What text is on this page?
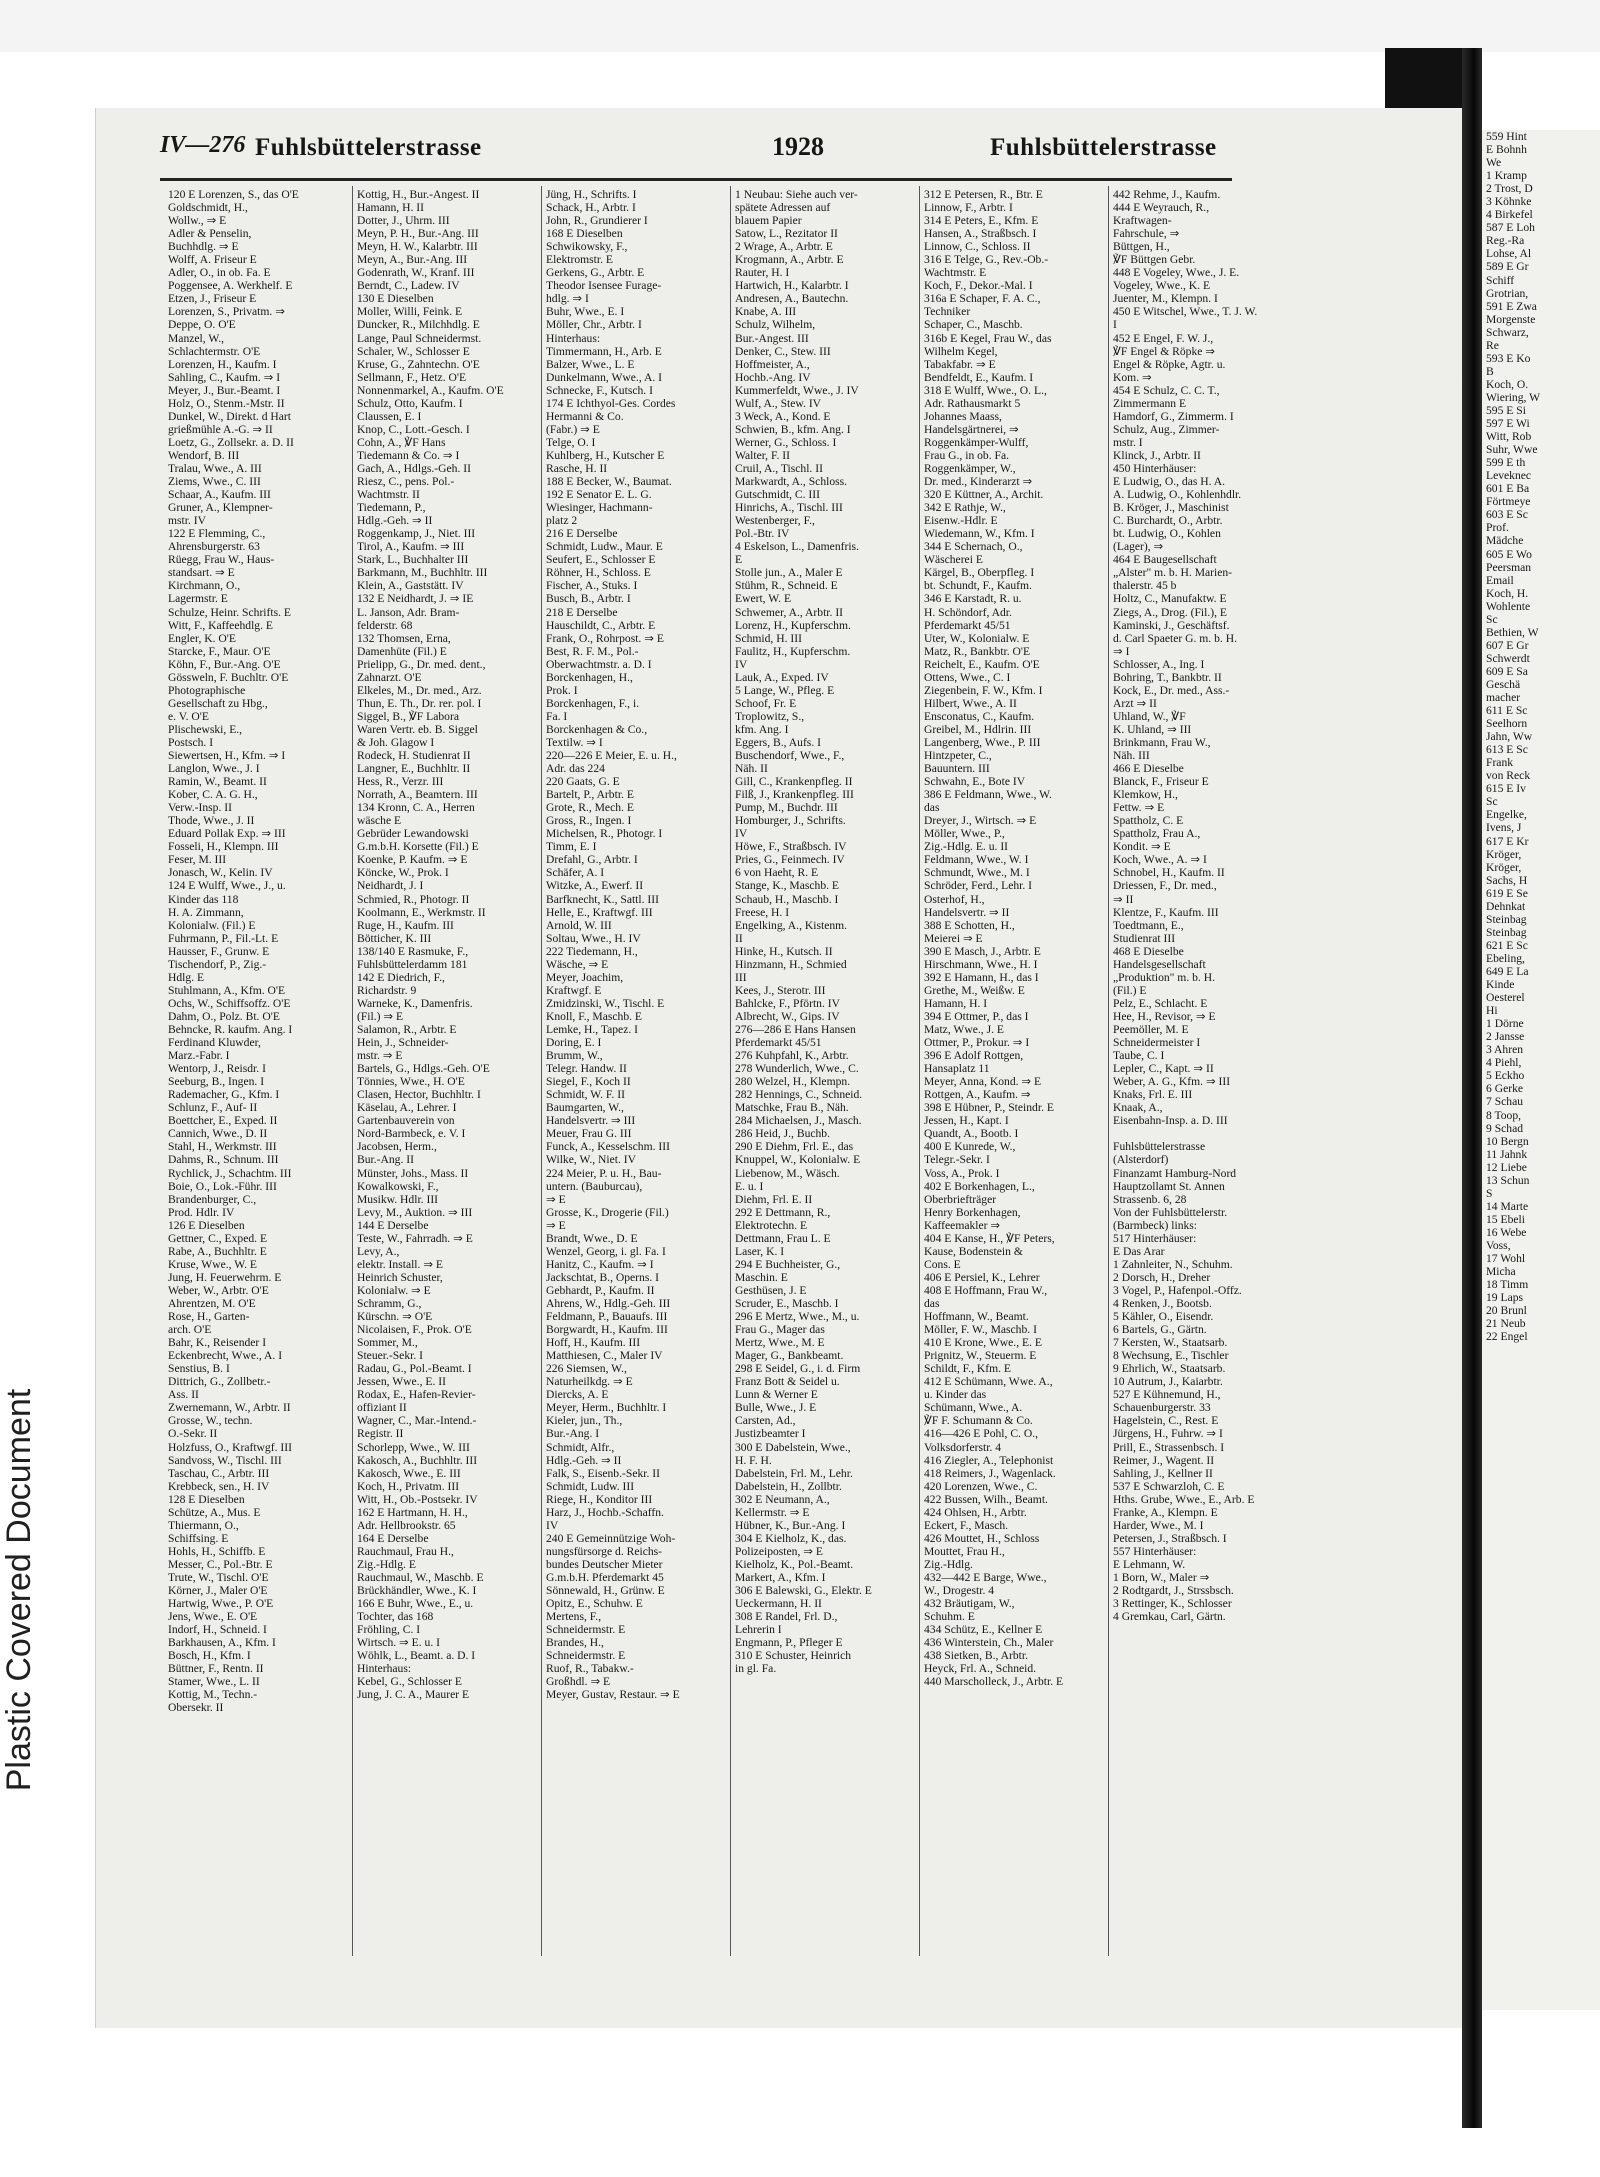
Plastic Covered Document
559 Hint
E Bohnh
We
1 Kramp
2 Trost, D
3 Köhnke
4 Birkefel
587 E Loh
Reg.-Ra
Lohse, Al
589 E Gr
Schiff
Grotrian,
591 E Zwa
Morgenste
Schwarz,
Re
593 E Ko
B
Koch, O.
Wiering, W
595 E Si
597 E Wi
Witt, Rob
Suhr, Wwe
599 E th
Leveknec
601 E Ba
Förtmeye
603 E Sc
Prof.
Mädche
605 E Wo
Peersman
Email
Koch, H.
Wohlente
Sc
Bethien, W
607 E Gr
Schwerdt
609 E Sa
Geschä
macher
611 E Sc
Seelhorn
Jahn, Ww
613 E Sc
Frank
von Reck
615 E Iv
Sc
Engelke,
Ivens, J
617 E Kr
Kröger,
Kröger,
Sachs, H
619 E Se
Dehnkat
Steinbag
Steinbag
621 E Sc
Ebeling,
649 E La
Kinde
Oesterel
Hi
1 Dörne
2 Jansse
3 Ahren
4 Piehl,
5 Eckho
6 Gerke
7 Schau
8 Toop,
9 Schad
10 Bergn
11 Jahnk
12 Liebe
13 Schun
S
14 Marte
15 Ebeli
16 Webe
Voss,
17 Wohl
Micha
18 Timm
19 Laps
20 Brunl
21 Neub
22 Engel
IV—276 Fuhlsbüttelerstrasse	1928	Fuhlsbüttelerstrasse
120 E Lorenzen, S., das O'E
Goldschmidt, H.,
Wollw., ⇒ E
Adler & Penselin,
Buchhdlg. ⇒ E
Wolff, A. Friseur E
Adler, O., in ob. Fa. E
Poggensee, A. Werkhelf. E
Etzen, J., Friseur E
Lorenzen, S., Privatm. ⇒
Deppe, O. O'E
Manzel, W.,
Schlachtermstr. O'E
Lorenzen, H., Kaufm. I
Sahling, C., Kaufm. ⇒ I
Meyer, J., Bur.-Beamt. I
Holz, O., Stenm.-Mstr. II
Dunkel, W., Direkt. d Hart
grießmühle A.-G. ⇒ II
Loetz, G., Zollsekr. a. D. II
Wendorf, B. III
Tralau, Wwe., A. III
Ziems, Wwe., C. III
Schaar, A., Kaufm. III
Gruner, A., Klempner-
mstr. IV
122 E Flemming, C.,
Ahrensburgerstr. 63
Rüegg, Frau W., Haus-
standsart. ⇒ E
Kirchmann, O.,
Lagermstr. E
Schulze, Heinr. Schrifts. E
Witt, F., Kaffeehdlg. E
Engler, K. O'E
Starcke, F., Maur. O'E
Köhn, F., Bur.-Ang. O'E
Gössweln, F. Buchltr. O'E
Photographische
Gesellschaft zu Hbg.,
e. V. O'E
Plischewski, E.,
Postsch. I
Siewertsen, H., Kfm. ⇒ I
Langlon, Wwe., J. I
Ramin, W., Beamt. II
Kober, C. A. G. H.,
Verw.-Insp. II
Thode, Wwe., J. II
Eduard Pollak Exp. ⇒ III
Fosseli, H., Klempn. III
Feser, M. III
Jonasch, W., Kelin. IV
124 E Wulff, Wwe., J., u.
Kinder das 118
H. A. Zimmann,
Kolonialw. (Fil.) E
Fuhrmann, P., Fil.-Lt. E
Hausser, F., Grunw. E
Tischendorf, P., Zig.-
Hdlg. E
Stuhlmann, A., Kfm. O'E
Ochs, W., Schiffsoffz. O'E
Dahm, O., Polz. Bt. O'E
Behncke, R. kaufm. Ang. I
Ferdinand Kluwder,
Marz.-Fabr. I
Wentorp, J., Reisdr. I
Seeburg, B., Ingen. I
Rademacher, G., Kfm. I
Schlunz, F., Auf- II
Boettcher, E., Exped. II
Cannich, Wwe., D. II
Stahl, H., Werkmstr. III
Dahms, R., Schnum. III
Rychlick, J., Schachtm. III
Boie, O., Lok.-Führ. III
Brandenburger, C.,
Prod. Hdlr. IV
126 E Dieselben
Gettner, C., Exped. E
Rabe, A., Buchhltr. E
Kruse, Wwe., W. E
Jung, H. Feuerwehrm. E
Weber, W., Arbtr. O'E
Ahrentzen, M. O'E
Rose, H., Garten-
arch. O'E
Bahr, K., Reisender I
Eckenbrecht, Wwe., A. I
Senstius, B. I
Dittrich, G., Zollbetr.-
Ass. II
Zwernemann, W., Arbtr. II
Grosse, W., techn.
O.-Sekr. II
Holzfuss, O., Kraftwgf. III
Sandvoss, W., Tischl. III
Taschau, C., Arbtr. III
Krebbeck, sen., H. IV
128 E Dieselben
Schütze, A., Mus. E
Thiermann, O.,
Schiffsing. E
Hohls, H., Schiffb. E
Messer, C., Pol.-Btr. E
Trute, W., Tischl. O'E
Körner, J., Maler O'E
Hartwig, Wwe., P. O'E
Jens, Wwe., E. O'E
Indorf, H., Schneid. I
Barkhausen, A., Kfm. I
Bosch, H., Kfm. I
Büttner, F., Rentn. II
Stamer, Wwe., L. II
Kottig, M., Techn.-
Obersekr. II
Kottig, H., Bur.-Angest. II
Hamann, H. II
Dotter, J., Uhrm. III
Meyn, P. H., Bur.-Ang. III
Meyn, H. W., Kalarbtr. III
Meyn, A., Bur.-Ang. III
Godenrath, W., Kranf. III
Berndt, C., Ladew. IV
130 E Dieselben
Moller, Willi, Feink. E
Duncker, R., Milchhdlg. E
Lange, Paul Schneidermst.
Schaler, W., Schlosser E
Kruse, G., Zahntechn. O'E
Sellmann, F., Hetz. O'E
Nonnenmarkel, A., Kaufm. O'E
Schulz, Otto, Kaufm. I
Claussen, E. I
Knop, C., Lott.-Gesch. I
Cohn, A., ℣F Hans
Tiedemann & Co. ⇒ I
Gach, A., Hdlgs.-Geh. II
Riesz, C., pens. Pol.-
Wachtmstr. II
Tiedemann, P.,
Hdlg.-Geh. ⇒ II
Roggenkamp, J., Niet. III
Tirol, A., Kaufm. ⇒ III
Stark, L., Buchhalter III
Barkmann, M., Buchhltr. III
Klein, A., Gaststätt. IV
132 E Neidhardt, J. ⇒ IE
L. Janson, Adr. Bram-
felderstr. 68
132 Thomsen, Erna,
Damenhüte (Fil.) E
Prielipp, G., Dr. med. dent.,
Zahnarzt. O'E
Elkeles, M., Dr. med., Arz.
Thun, E. Th., Dr. rer. pol. I
Siggel, B., ℣F Labora
Waren Vertr. eb. B. Siggel
& Joh. Glagow I
Rodeck, H. Studienrat II
Langner, E., Buchhltr. II
Hess, R., Verzr. III
Norrath, A., Beamtern. III
134 Kronn, C. A., Herren
wäsche E
Gebrüder Lewandowski
G.m.b.H. Korsette (Fil.) E
Koenke, P. Kaufm. ⇒ E
Köncke, W., Prok. I
Neidhardt, J. I
Schmied, R., Photogr. II
Koolmann, E., Werkmstr. II
Ruge, H., Kaufm. III
Bötticher, K. III
138/140 E Rasmuke, F.,
Fuhlsbüttelerdamm 181
142 E Diedrich, F.,
Richardstr. 9
Warneke, K., Damenfris.
(Fil.) ⇒ E
Salamon, R., Arbtr. E
Hein, J., Schneider-
mstr. ⇒ E
Bartels, G., Hdlgs.-Geh. O'E
Tönnies, Wwe., H. O'E
Clasen, Hector, Buchhltr. I
Käselau, A., Lehrer. I
Gartenbauverein von
Nord-Barmbeck, e. V. I
Jacobsen, Herm.,
Bur.-Ang. II
Münster, Johs., Mass. II
Kowalkowski, F.,
Musikw. Hdlr. III
Levy, M., Auktion. ⇒ III
144 E Derselbe
Teste, W., Fahrradh. ⇒ E
Levy, A.,
elektr. Install. ⇒ E
Heinrich Schuster,
Kolonialw. ⇒ E
Schramm, G.,
Kürschn. ⇒ O'E
Nicolaisen, F., Prok. O'E
Sommer, M.,
Steuer.-Sekr. I
Radau, G., Pol.-Beamt. I
Jessen, Wwe., E. II
Rodax, E., Hafen-Revier-
offiziant II
Wagner, C., Mar.-Intend.-
Registr. II
Schorlepp, Wwe., W. III
Kakosch, A., Buchhltr. III
Kakosch, Wwe., E. III
Koch, H., Privatm. III
Witt, H., Ob.-Postsekr. IV
162 E Hartmann, H. H.,
Adr. Hellbrookstr. 65
164 E Derselbe
Rauchmaul, Frau H.,
Zig.-Hdlg. E
Rauchmaul, W., Maschb. E
Brückhändler, Wwe., K. I
166 E Buhr, Wwe., E., u.
Tochter, das 168
Fröhling, C. I
Wirtsch. ⇒ E. u. I
Wöhlk, L., Beamt. a. D. I
Hinterhaus:
Kebel, G., Schlosser E
Jung, J. C. A., Maurer E
Jüng, H., Schrifts. I
Schack, H., Arbtr. I
John, R., Grundierer I
168 E Dieselben
Schwikowsky, F.,
Elektromstr. E
Gerkens, G., Arbtr. E
Theodor Isensee Furage-
hdlg. ⇒ I
Buhr, Wwe., E. I
Möller, Chr., Arbtr. I
Hinterhaus:
Timmermann, H., Arb. E
Balzer, Wwe., L. E
Dunkelmann, Wwe., A. I
Schnecke, F., Kutsch. I
174 E Ichthyol-Ges. Cordes
Hermanni & Co.
(Fabr.) ⇒ E
Telge, O. I
Kuhlberg, H., Kutscher E
Rasche, H. II
188 E Becker, W., Baumat.
192 E Senator E. L. G.
Wiesinger, Hachmann-
platz 2
216 E Derselbe
Schmidt, Ludw., Maur. E
Seufert, E., Schlosser E
Röhner, H., Schloss. E
Fischer, A., Stuks. I
Busch, B., Arbtr. I
218 E Derselbe
Hauschildt, C., Arbtr. E
Frank, O., Rohrpost. ⇒ E
Best, R. F. M., Pol.-
Oberwachtmstr. a. D. I
Borckenhagen, H.,
Prok. I
Borckenhagen, F., i.
Fa. I
Borckenhagen & Co.,
Textilw. ⇒ I
220—226 E Meier, E. u. H.,
Adr. das 224
220 Gaats, G. E
Bartelt, P., Arbtr. E
Grote, R., Mech. E
Gross, R., Ingen. I
Michelsen, R., Photogr. I
Timm, E. I
Drefahl, G., Arbtr. I
Schäfer, A. I
Witzke, A., Ewerf. II
Barfknecht, K., Sattl. III
Helle, E., Kraftwgf. III
Arnold, W. III
Soltau, Wwe., H. IV
222 Tiedemann, H.,
Wäsche, ⇒ E
Meyer, Joachim,
Kraftwgf. E
Zmidzinski, W., Tischl. E
Knoll, F., Maschb. E
Lemke, H., Tapez. I
Doring, E. I
Brumm, W.,
Telegr. Handw. II
Siegel, F., Koch II
Schmidt, W. F. II
Baumgarten, W.,
Handelsvertr. ⇒ III
Meuer, Frau G. III
Funck, A., Kesselschm. III
Wilke, W., Niet. IV
224 Meier, P. u. H., Bau-
untern. (Bauburcau),
⇒ E
Grosse, K., Drogerie (Fil.)
⇒ E
Brandt, Wwe., D. E
Wenzel, Georg, i. gl. Fa. I
Hanitz, C., Kaufm. ⇒ I
Jackschtat, B., Operns. I
Gebhardt, P., Kaufm. II
Ahrens, W., Hdlg.-Geh. III
Feldmann, P., Bauaufs. III
Borgwardt, H., Kaufm. III
Hoff, H., Kaufm. III
Matthiesen, C., Maler IV
226 Siemsen, W.,
Naturheilkdg. ⇒ E
Diercks, A. E
Meyer, Herm., Buchhltr. I
Kieler, jun., Th.,
Bur.-Ang. I
Schmidt, Alfr.,
Hdlg.-Geh. ⇒ II
Falk, S., Eisenb.-Sekr. II
Schmidt, Ludw. III
Riege, H., Konditor III
Harz, J., Hochb.-Schaffn.
IV
240 E Gemeinnützige Woh-
nungsfürsorge d. Reichs-
bundes Deutscher Mieter
G.m.b.H. Pferdemarkt 45
Sönnewald, H., Grünw. E
Opitz, E., Schuhw. E
Mertens, F.,
Schneidermstr. E
Brandes, H.,
Schneidermstr. E
Ruof, R., Tabakw.-
Großhdl. ⇒ E
Meyer, Gustav, Restaur. ⇒ E
1 Neubau: Siehe auch ver-
spätete Adressen auf
blauem Papier
Satow, L., Rezitator II
2 Wrage, A., Arbtr. E
Krogmann, A., Arbtr. E
Rauter, H. I
Hartwich, H., Kalarbtr. I
Andresen, A., Bautechn.
Knabe, A. III
Schulz, Wilhelm,
Bur.-Angest. III
Denker, C., Stew. III
Hoffmeister, A.,
Hochb.-Ang. IV
Kummerfeldt, Wwe., J. IV
Wulf, A., Stew. IV
3 Weck, A., Kond. E
Schwien, B., kfm. Ang. I
Werner, G., Schloss. I
Walter, F. II
Cruil, A., Tischl. II
Markwardt, A., Schloss.
Gutschmidt, C. III
Hinrichs, A., Tischl. III
Westenberger, F.,
Pol.-Btr. IV
4 Eskelson, L., Damenfris.
E
Stolle jun., A., Maler E
Stühm, R., Schneid. E
Ewert, W. E
Schwemer, A., Arbtr. II
Lorenz, H., Kupferschm.
Schmid, H. III
Faulitz, H., Kupferschm.
IV
Lauk, A., Exped. IV
5 Lange, W., Pfleg. E
Schoof, Fr. E
Troplowitz, S.,
kfm. Ang. I
Eggers, B., Aufs. I
Buschendorf, Wwe., F.,
Näh. II
Gill, C., Krankenpfleg. II
Filß, J., Krankenpfleg. III
Pump, M., Buchdr. III
Homburger, J., Schrifts.
IV
Höwe, F., Straßbsch. IV
Pries, G., Feinmech. IV
6 von Haeht, R. E
Stange, K., Maschb. E
Schaub, H., Maschb. I
Freese, H. I
Engelking, A., Kistenm.
II
Hinke, H., Kutsch. II
Hinzmann, H., Schmied
III
Kees, J., Sterotr. III
Bahlcke, F., Pförtn. IV
Albrecht, W., Gips. IV
276—286 E Hans Hansen
Pferdemarkt 45/51
276 Kuhpfahl, K., Arbtr.
278 Wunderlich, Wwe., C.
280 Welzel, H., Klempn.
282 Hennings, C., Schneid.
Matschke, Frau B., Näh.
284 Michaelsen, J., Masch.
286 Heid, J., Buchb.
290 E Diehm, Frl. E., das
Knuppel, W., Kolonialw. E
Liebenow, M., Wäsch.
E. u. I
Diehm, Frl. E. II
292 E Dettmann, R.,
Elektrotechn. E
Dettmann, Frau L. E
Laser, K. I
294 E Buchheister, G.,
Maschin. E
Gesthüsen, J. E
Scruder, E., Maschb. I
296 E Mertz, Wwe., M., u.
Frau G., Mager das
Mertz, Wwe., M. E
Mager, G., Bankbeamt.
298 E Seidel, G., i. d. Firm
Franz Bott & Seidel u.
Lunn & Werner E
Bulle, Wwe., J. E
Carsten, Ad.,
Justizbeamter I
300 E Dabelstein, Wwe.,
H. F. H.
Dabelstein, Frl. M., Lehr.
Dabelstein, H., Zollbtr.
302 E Neumann, A.,
Kellermstr. ⇒ E
Hübner, K., Bur.-Ang. I
304 E Kielholz, K., das.
Polizeiposten, ⇒ E
Kielholz, K., Pol.-Beamt.
Markert, A., Kfm. I
306 E Balewski, G., Elektr. E
Ueckermann, H. II
308 E Randel, Frl. D.,
Lehrerin I
Engmann, P., Pfleger E
310 E Schuster, Heinrich
in gl. Fa.
312 E Petersen, R., Btr. E
Linnow, F., Arbtr. I
314 E Peters, E., Kfm. E
Hansen, A., Straßbsch. I
Linnow, C., Schloss. II
316 E Telge, G., Rev.-Ob.-
Wachtmstr. E
Koch, F., Dekor.-Mal. I
316a E Schaper, F. A. C.,
Techniker
Schaper, C., Maschb.
316b E Kegel, Frau W., das
Wilhelm Kegel,
Tabakfabr. ⇒ E
Bendfeldt, E., Kaufm. I
318 E Wulff, Wwe., O. L.,
Adr. Rathausmarkt 5
Johannes Maass,
Handelsgärtnerei, ⇒
Roggenkämper-Wulff,
Frau G., in ob. Fa.
Roggenkämper, W.,
Dr. med., Kinderarzt ⇒
320 E Küttner, A., Archit.
342 E Rathje, W.,
Eisenw.-Hdlr. E
Wiedemann, W., Kfm. I
344 E Schernach, O.,
Wäscherei E
Kärgel, B., Oberpfleg. I
bt. Schundt, F., Kaufm.
346 E Karstadt, R. u.
H. Schöndorf, Adr.
Pferdemarkt 45/51
Uter, W., Kolonialw. E
Matz, R., Bankbtr. O'E
Reichelt, E., Kaufm. O'E
Ottens, Wwe., C. I
Ziegenbein, F. W., Kfm. I
Hilbert, Wwe., A. II
Ensconatus, C., Kaufm.
Greibel, M., Hdlrin. III
Langenberg, Wwe., P. III
Hintzpeter, C.,
Bauuntern. III
Schwahn, E., Bote IV
386 E Feldmann, Wwe., W.
das
Dreyer, J., Wirtsch. ⇒ E
Möller, Wwe., P.,
Zig.-Hdlg. E. u. II
Feldmann, Wwe., W. I
Schmundt, Wwe., M. I
Schröder, Ferd., Lehr. I
Osterhof, H.,
Handelsvertr. ⇒ II
388 E Schotten, H.,
Meierei ⇒ E
390 E Masch, J., Arbtr. E
Hirschmann, Wwe., H. I
392 E Hamann, H., das I
Grethe, M., Weißw. E
Hamann, H. I
394 E Ottmer, P., das I
Matz, Wwe., J. E
Ottmer, P., Prokur. ⇒ I
396 E Adolf Rottgen,
Hansaplatz 11
Meyer, Anna, Kond. ⇒ E
Rottgen, A., Kaufm. ⇒
398 E Hübner, P., Steindr. E
Jessen, H., Kapt. I
Quandt, A., Bootb. I
400 E Kunrede, W.,
Telegr.-Sekr. I
Voss, A., Prok. I
402 E Borkenhagen, L.,
Oberbriefträger
Henry Borkenhagen,
Kaffeemakler ⇒
404 E Kanse, H., ℣F Peters,
Kause, Bodenstein &
Cons. E
406 E Persiel, K., Lehrer
408 E Hoffmann, Frau W.,
das
Hoffmann, W., Beamt.
Möller, F. W., Maschb. I
410 E Krone, Wwe., E. E
Prignitz, W., Steuerm. E
Schildt, F., Kfm. E
412 E Schümann, Wwe. A.,
u. Kinder das
Schümann, Wwe., A.
℣F F. Schumann & Co.
416—426 E Pohl, C. O.,
Volksdorferstr. 4
416 Ziegler, A., Telephonist
418 Reimers, J., Wagenlack.
420 Lorenzen, Wwe., C.
422 Bussen, Wilh., Beamt.
424 Ohlsen, H., Arbtr.
Eckert, F., Masch.
426 Mouttet, H., Schloss
Mouttet, Frau H.,
Zig.-Hdlg.
432—442 E Barge, Wwe.,
W., Drogestr. 4
432 Bräutigam, W.,
Schuhm. E
434 Schütz, E., Kellner E
436 Winterstein, Ch., Maler
438 Sietken, B., Arbtr.
Heyck, Frl. A., Schneid.
440 Marscholleck, J., Arbtr. E
442 Rehme, J., Kaufm.
444 E Weyrauch, R.,
Kraftwagen-
Fahrschule, ⇒
Büttgen, H.,
℣F Büttgen Gebr.
448 E Vogeley, Wwe., J. E.
Vogeley, Wwe., K. E
Juenter, M., Klempn. I
450 E Witschel, Wwe., T. J. W.
I
452 E Engel, F. W. J.,
℣F Engel & Röpke ⇒
Engel & Röpke, Agtr. u.
Kom. ⇒
454 E Schulz, C. C. T.,
Zimmermann E
Hamdorf, G., Zimmerm. I
Schulz, Aug., Zimmer-
mstr. I
Klinck, J., Arbtr. II
450 Hinterhäuser:
E Ludwig, O., das H. A.
A. Ludwig, O., Kohlenhdlr.
B. Kröger, J., Maschinist
C. Burchardt, O., Arbtr.
bt. Ludwig, O., Kohlen
(Lager), ⇒
464 E Baugesellschaft
„Alster" m. b. H. Marien-
thalerstr. 45 b
Holtz, C., Manufaktw. E
Ziegs, A., Drog. (Fil.), E
Kaminski, J., Geschäftsf.
d. Carl Spaeter G. m. b. H.
⇒ I
Schlosser, A., Ing. I
Bohring, T., Bankbtr. II
Kock, E., Dr. med., Ass.-
Arzt ⇒ II
Uhland, W., ℣F
K. Uhland, ⇒ III
Brinkmann, Frau W.,
Näh. III
466 E Dieselbe
Blanck, F., Friseur E
Klemkow, H.,
Fettw. ⇒ E
Spattholz, C. E
Spattholz, Frau A.,
Kondit. ⇒ E
Koch, Wwe., A. ⇒ I
Schnobel, H., Kaufm. II
Driessen, F., Dr. med.,
⇒ II
Klentze, F., Kaufm. III
Toedtmann, E.,
Studienrat III
468 E Dieselbe
Handelsgesellschaft
„Produktion" m. b. H.
(Fil.) E
Pelz, E., Schlacht. E
Hee, H., Revisor, ⇒ E
Peemöller, M. E
Schneidermeister I
Taube, C. I
Lepler, C., Kapt. ⇒ II
Weber, A. G., Kfm. ⇒ III
Knaks, Frl. E. III
Knaak, A.,
Eisenbahn-Insp. a. D. III

Fuhlsbüttelerstrasse
(Alsterdorf)
Finanzamt Hamburg-Nord
Hauptzollamt St. Annen
Strassenb. 6, 28
Von der Fuhlsbüttelerstr.
(Barmbeck) links:
517 Hinterhäuser:
E Das Arar
1 Zahnleiter, N., Schuhm.
2 Dorsch, H., Dreher
3 Vogel, P., Hafenpol.-Offz.
4 Renken, J., Bootsb.
5 Kähler, O., Eisendr.
6 Bartels, G., Gärtn.
7 Kersten, W., Staatsarb.
8 Wechsung, E., Tischler
9 Ehrlich, W., Staatsarb.
10 Autrum, J., Kaiarbtr.
527 E Kühnemund, H.,
Schauenburgerstr. 33
Hagelstein, C., Rest. E
Jürgens, H., Fuhrw. ⇒ I
Prill, E., Strassenbsch. I
Reimer, J., Wagent. II
Sahling, J., Kellner II
537 E Schwarzloh, C. E
Hths. Grube, Wwe., E., Arb. E
Franke, A., Klempn. E
Harder, Wwe., M. I
Petersen, J., Straßbsch. I
557 Hinterhäuser:
E Lehmann, W.
1 Born, W., Maler ⇒
2 Rodtgardt, J., Strssbsch.
3 Rettinger, K., Schlosser
4 Gremkau, Carl, Gärtn.
